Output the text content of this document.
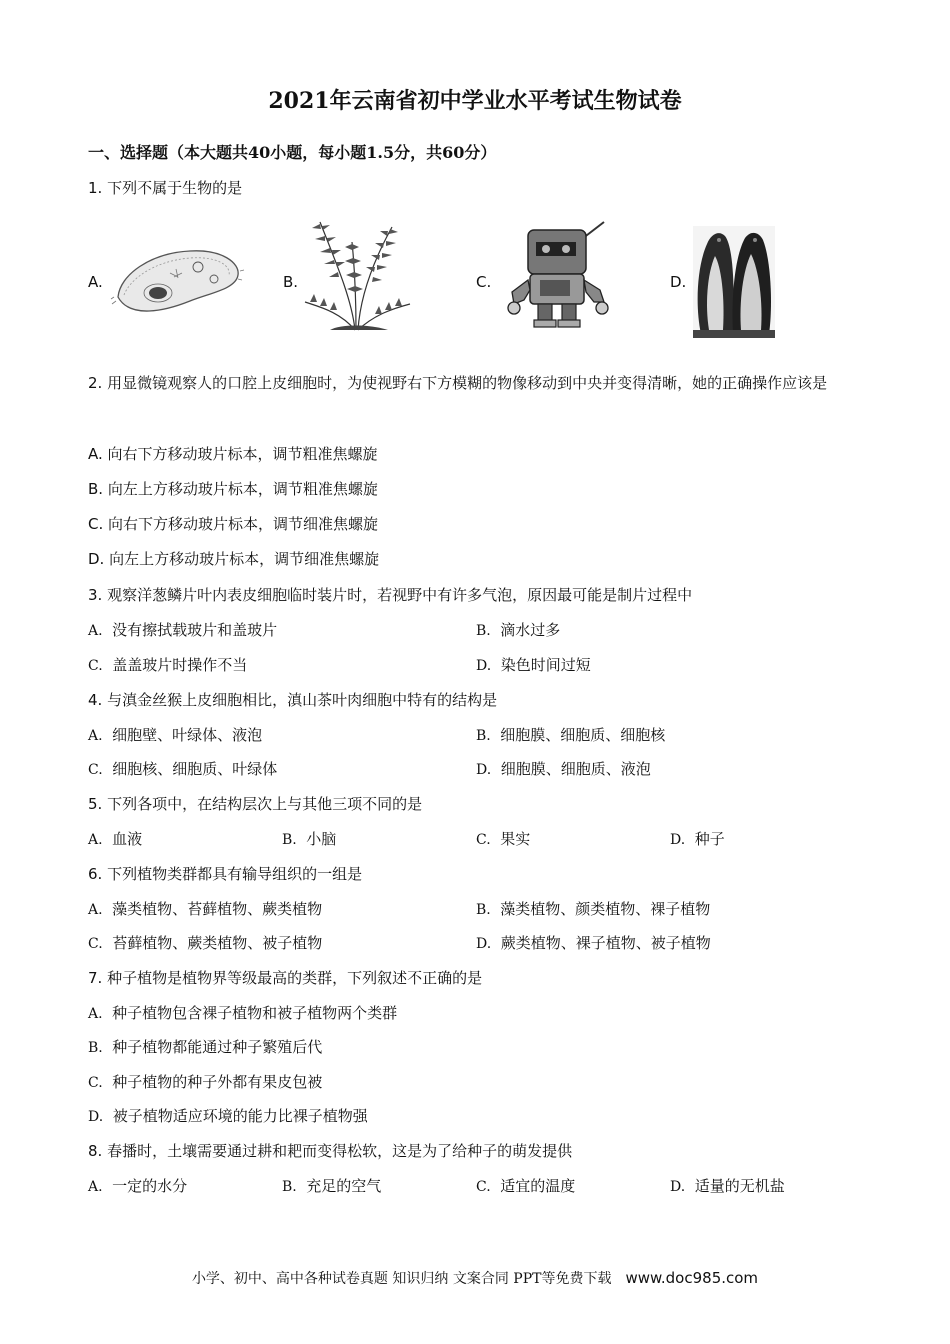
2021年云南省初中学业水平考试生物试卷
一、选择题（本大题共40小题，每小题1.5分，共60分）
1. 下列不属于生物的是
A.	B.	C.	D.
2. 用显微镜观察人的口腔上皮细胞时，为使视野右下方模糊的物像移动到中央并变得清晰，她的正确操作应该是
A. 向右下方移动玻片标本，调节粗准焦螺旋
B. 向左上方移动玻片标本，调节粗准焦螺旋
C. 向右下方移动玻片标本，调节细准焦螺旋
D. 向左上方移动玻片标本，调节细准焦螺旋
3. 观察洋葱鳞片叶内表皮细胞临时装片时，若视野中有许多气泡，原因最可能是制片过程中
A. 没有擦拭载玻片和盖玻片	B. 滴水过多
C. 盖盖玻片时操作不当	D. 染色时间过短
4. 与滇金丝猴上皮细胞相比，滇山茶叶肉细胞中特有的结构是
A. 细胞壁、叶绿体、液泡	B. 细胞膜、细胞质、细胞核
C. 细胞核、细胞质、叶绿体	D. 细胞膜、细胞质、液泡
5. 下列各项中，在结构层次上与其他三项不同的是
A. 血液	B. 小脑	C. 果实	D. 种子
6. 下列植物类群都具有输导组织的一组是
A. 藻类植物、苔藓植物、蕨类植物	B. 藻类植物、颜类植物、裸子植物
C. 苔藓植物、蕨类植物、被子植物	D. 蕨类植物、裸子植物、被子植物
7. 种子植物是植物界等级最高的类群，下列叙述不正确的是
A. 种子植物包含裸子植物和被子植物两个类群
B. 种子植物都能通过种子繁殖后代
C. 种子植物的种子外都有果皮包被
D. 被子植物适应环境的能力比裸子植物强
8. 春播时，土壤需要通过耕和耙而变得松软，这是为了给种子的萌发提供
A. 一定的水分	B. 充足的空气	C. 适宜的温度	D. 适量的无机盐
小学、初中、高中各种试卷真题 知识归纳 文案合同 PPT等免费下载 www.doc985.com
